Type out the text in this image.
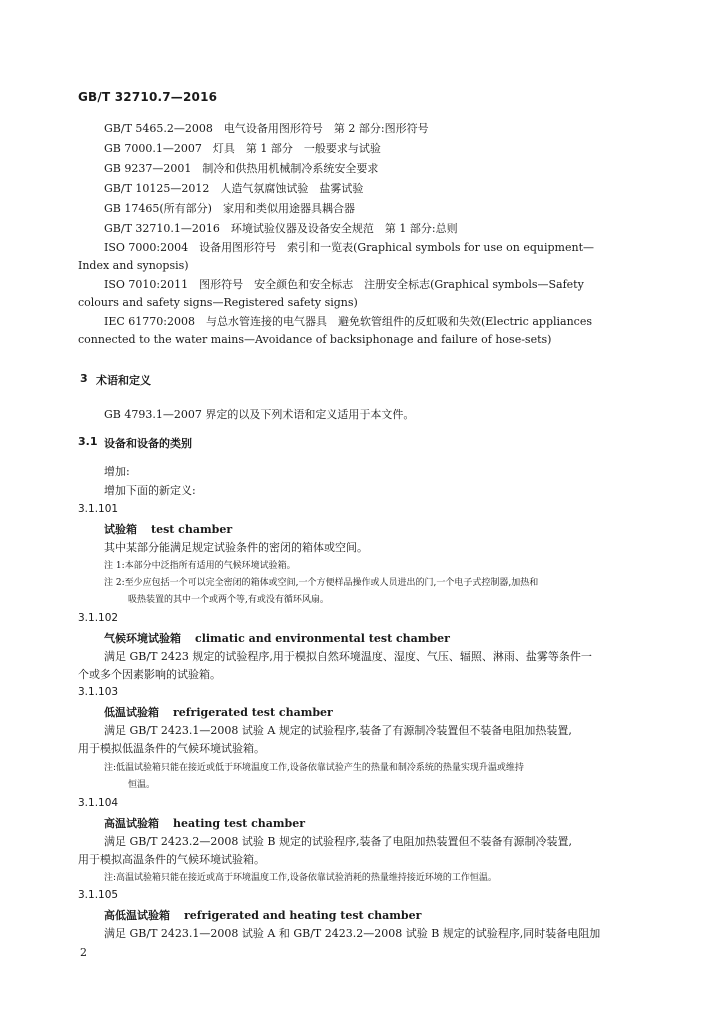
GB/T 32710.7—2016
GB/T 5465.2—2008　电气设备用图形符号　第 2 部分:图形符号
GB 7000.1—2007　灯具　第 1 部分　一般要求与试验
GB 9237—2001　制冷和供热用机械制冷系统安全要求
GB/T 10125—2012　人造气氛腐蚀试验　盐雾试验
GB 17465(所有部分)　家用和类似用途器具耦合器
GB/T 32710.1—2016　环境试验仪器及设备安全规范　第 1 部分:总则
ISO 7000:2004　设备用图形符号　索引和一览表(Graphical symbols for use on equipment—
Index and synopsis)
ISO 7010:2011　图形符号　安全颜色和安全标志　注册安全标志(Graphical symbols—Safety
colours and safety signs—Registered safety signs)
IEC 61770:2008　与总水管连接的电气器具　避免软管组件的反虹吸和失效(Electric appliances
connected to the water mains—Avoidance of backsiphonage and failure of hose-sets)
3 术语和定义
GB 4793.1—2007 界定的以及下列术语和定义适用于本文件。
3.1 设备和设备的类别
增加:
增加下面的新定义:
3.1.101
试验箱 test chamber
其中某部分能满足规定试验条件的密闭的箱体或空间。
注 1:本部分中泛指所有适用的气候环境试验箱。
注 2:至少应包括一个可以完全密闭的箱体或空间,一个方便样品操作或人员进出的门,一个电子式控制器,加热和
吸热装置的其中一个或两个等,有或没有循环风扇。
3.1.102
气候环境试验箱 climatic and environmental test chamber
满足 GB/T 2423 规定的试验程序,用于模拟自然环境温度、湿度、气压、辐照、淋雨、盐雾等条件一
个或多个因素影响的试验箱。
3.1.103
低温试验箱 refrigerated test chamber
满足 GB/T 2423.1—2008 试验 A 规定的试验程序,装备了有源制冷装置但不装备电阻加热装置,
用于模拟低温条件的气候环境试验箱。
注:低温试验箱只能在接近或低于环境温度工作,设备依靠试验产生的热量和制冷系统的热量实现升温或维持
恒温。
3.1.104
高温试验箱 heating test chamber
满足 GB/T 2423.2—2008 试验 B 规定的试验程序,装备了电阻加热装置但不装备有源制冷装置,
用于模拟高温条件的气候环境试验箱。
注:高温试验箱只能在接近或高于环境温度工作,设备依靠试验消耗的热量维持接近环境的工作恒温。
3.1.105
高低温试验箱 refrigerated and heating test chamber
满足 GB/T 2423.1—2008 试验 A 和 GB/T 2423.2—2008 试验 B 规定的试验程序,同时装备电阻加
2
